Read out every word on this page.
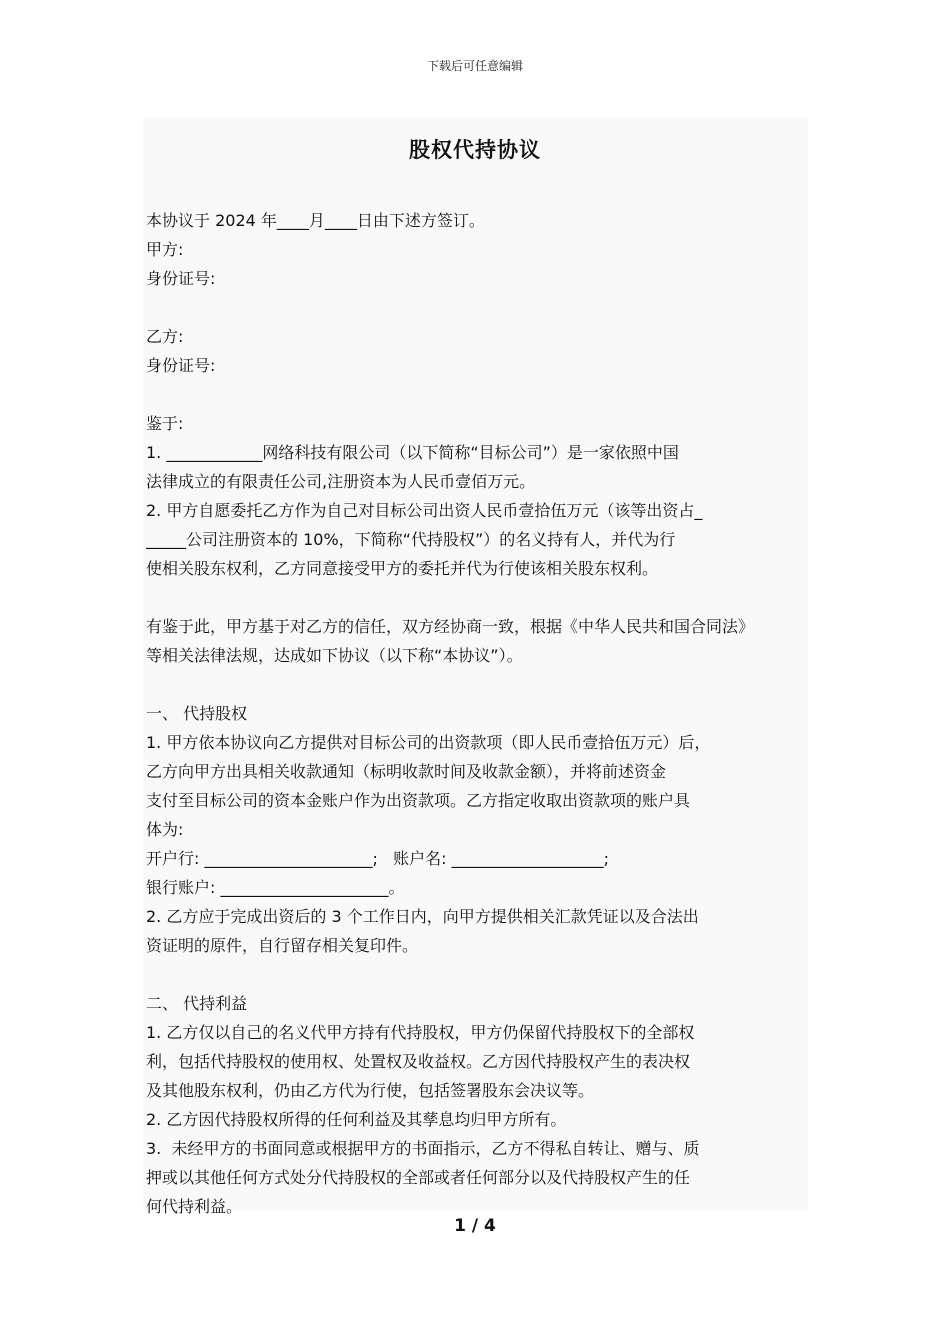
下载后可任意编辑
股权代持协议
本协议于 2024 年____月____日由下述方签订。
甲方:
身份证号:
乙方:
身份证号:
鉴于:
1. ____________网络科技有限公司（以下简称“目标公司”）是一家依照中国
法律成立的有限责任公司,注册资本为人民币壹佰万元。
2. 甲方自愿委托乙方作为自己对目标公司出资人民币壹拾伍万元（该等出资占_
_____公司注册资本的 10%，下简称“代持股权”）的名义持有人，并代为行
使相关股东权利，乙方同意接受甲方的委托并代为行使该相关股东权利。
有鉴于此，甲方基于对乙方的信任，双方经协商一致，根据《中华人民共和国合同法》
等相关法律法规，达成如下协议（以下称“本协议”）。
一、 代持股权
1. 甲方依本协议向乙方提供对目标公司的出资款项（即人民币壹拾伍万元）后，
乙方向甲方出具相关收款通知（标明收款时间及收款金额），并将前述资金
支付至目标公司的资本金账户作为出资款项。乙方指定收取出资款项的账户具
体为:
开户行: _____________________;   账户名: ___________________;
银行账户: _____________________。
2. 乙方应于完成出资后的 3 个工作日内，向甲方提供相关汇款凭证以及合法出
资证明的原件，自行留存相关复印件。
二、 代持利益
1. 乙方仅以自己的名义代甲方持有代持股权，甲方仍保留代持股权下的全部权
利，包括代持股权的使用权、处置权及收益权。乙方因代持股权产生的表决权
及其他股东权利，仍由乙方代为行使，包括签署股东会决议等。
2. 乙方因代持股权所得的任何利益及其孳息均归甲方所有。
3.  未经甲方的书面同意或根据甲方的书面指示，乙方不得私自转让、赠与、质
押或以其他任何方式处分代持股权的全部或者任何部分以及代持股权产生的任
何代持利益。
1 / 4
